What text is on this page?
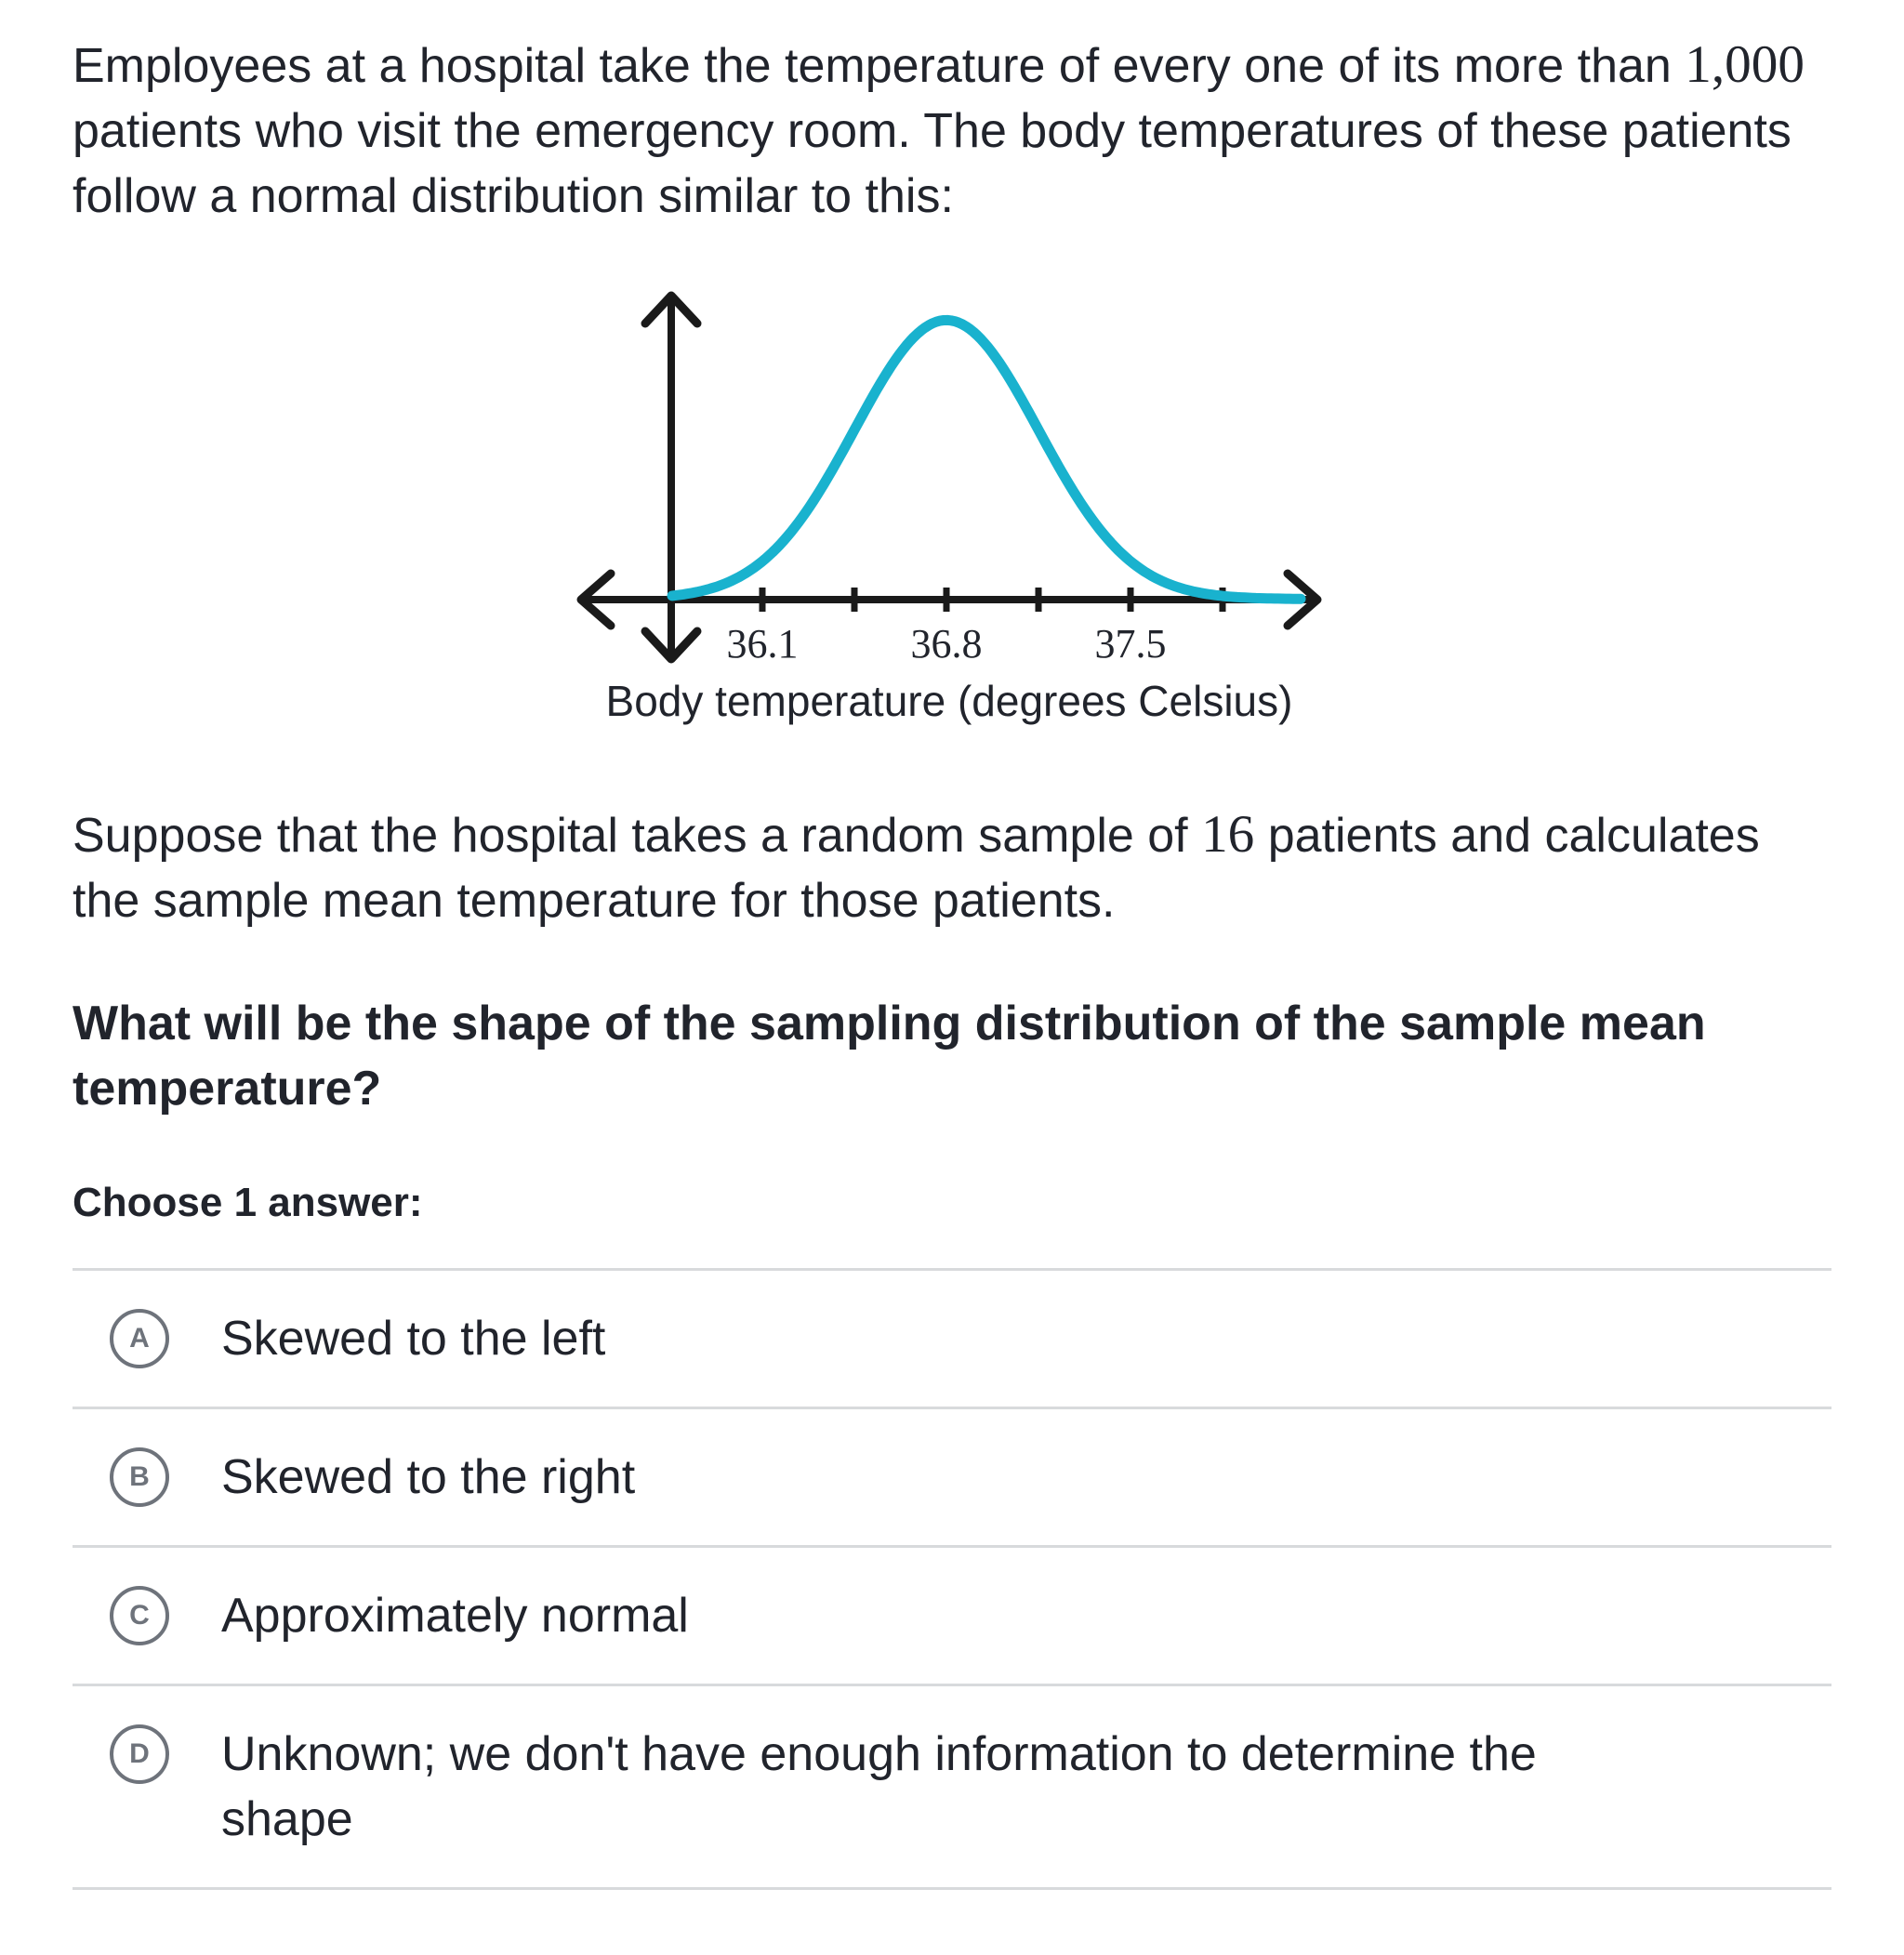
Employees at a hospital take the temperature of every one of its more than 1,000 patients who visit the emergency room. The body temperatures of these patients follow a normal distribution similar to this:

36.1	36.8	37.5
Body temperature (degrees Celsius)

Suppose that the hospital takes a random sample of 16 patients and calculates the sample mean temperature for those patients.

What will be the shape of the sampling distribution of the sample mean temperature?

Choose 1 answer:

A	Skewed to the left
B	Skewed to the right
C	Approximately normal
D	Unknown; we don't have enough information to determine the shape
